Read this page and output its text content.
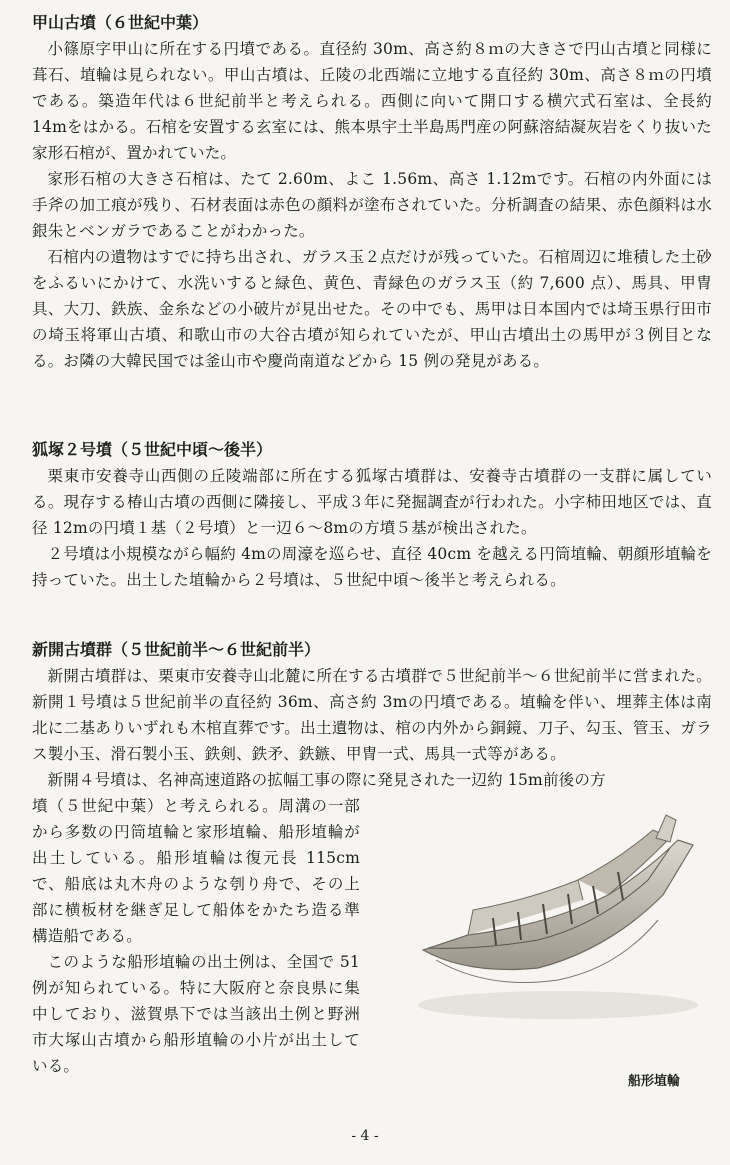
甲山古墳（６世紀中葉）

小篠原字甲山に所在する円墳である。直径約 30m、高さ約８ｍの大きさで円山古墳と同様に葺石、埴輪は見られない。甲山古墳は、丘陵の北西端に立地する直径約 30m、高さ８ｍの円墳である。築造年代は６世紀前半と考えられる。西側に向いて開口する横穴式石室は、全長約 14mをはかる。石棺を安置する玄室には、熊本県宇土半島馬門産の阿蘇溶結凝灰岩をくり抜いた家形石棺が、置かれていた。

家形石棺の大きさ石棺は、たて 2.60m、よこ 1.56m、高さ 1.12mです。石棺の内外面には手斧の加工痕が残り、石材表面は赤色の顔料が塗布されていた。分析調査の結果、赤色顔料は水銀朱とベンガラであることがわかった。

石棺内の遺物はすでに持ち出され、ガラス玉２点だけが残っていた。石棺周辺に堆積した土砂をふるいにかけて、水洗いすると緑色、黄色、青緑色のガラス玉（約 7,600 点）、馬具、甲冑具、大刀、鉄族、金糸などの小破片が見出せた。その中でも、馬甲は日本国内では埼玉県行田市の埼玉将軍山古墳、和歌山市の大谷古墳が知られていたが、甲山古墳出土の馬甲が３例目となる。お隣の大韓民国では釜山市や慶尚南道などから 15 例の発見がある。

狐塚２号墳（５世紀中頃～後半）

栗東市安養寺山西側の丘陵端部に所在する狐塚古墳群は、安養寺古墳群の一支群に属している。現存する椿山古墳の西側に隣接し、平成３年に発掘調査が行われた。小字柿田地区では、直径 12mの円墳１基（２号墳）と一辺６～8mの方墳５基が検出された。

２号墳は小規模ながら幅約 4mの周濠を巡らせ、直径 40cm を越える円筒埴輪、朝顔形埴輪を持っていた。出土した埴輪から２号墳は、５世紀中頃～後半と考えられる。

新開古墳群（５世紀前半～６世紀前半）

新開古墳群は、栗東市安養寺山北麓に所在する古墳群で５世紀前半～６世紀前半に営まれた。新開１号墳は５世紀前半の直径約 36m、高さ約 3mの円墳である。埴輪を伴い、埋葬主体は南北に二基ありいずれも木棺直葬です。出土遺物は、棺の内外から銅鏡、刀子、勾玉、管玉、ガラス製小玉、滑石製小玉、鉄剣、鉄矛、鉄鏃、甲冑一式、馬具一式等がある。

新開４号墳は、名神高速道路の拡幅工事の際に発見された一辺約 15m前後の方

墳（５世紀中葉）と考えられる。周溝の一部から多数の円筒埴輪と家形埴輪、船形埴輪が出土している。船形埴輪は復元長 115cm で、船底は丸木舟のような刳り舟で、その上部に横板材を継ぎ足して船体をかたち造る準構造船である。

このような船形埴輪の出土例は、全国で 51 例が知られている。特に大阪府と奈良県に集中しており、滋賀県下では当該出土例と野洲市大塚山古墳から船形埴輪の小片が出土している。

船形埴輪
- 4 -
